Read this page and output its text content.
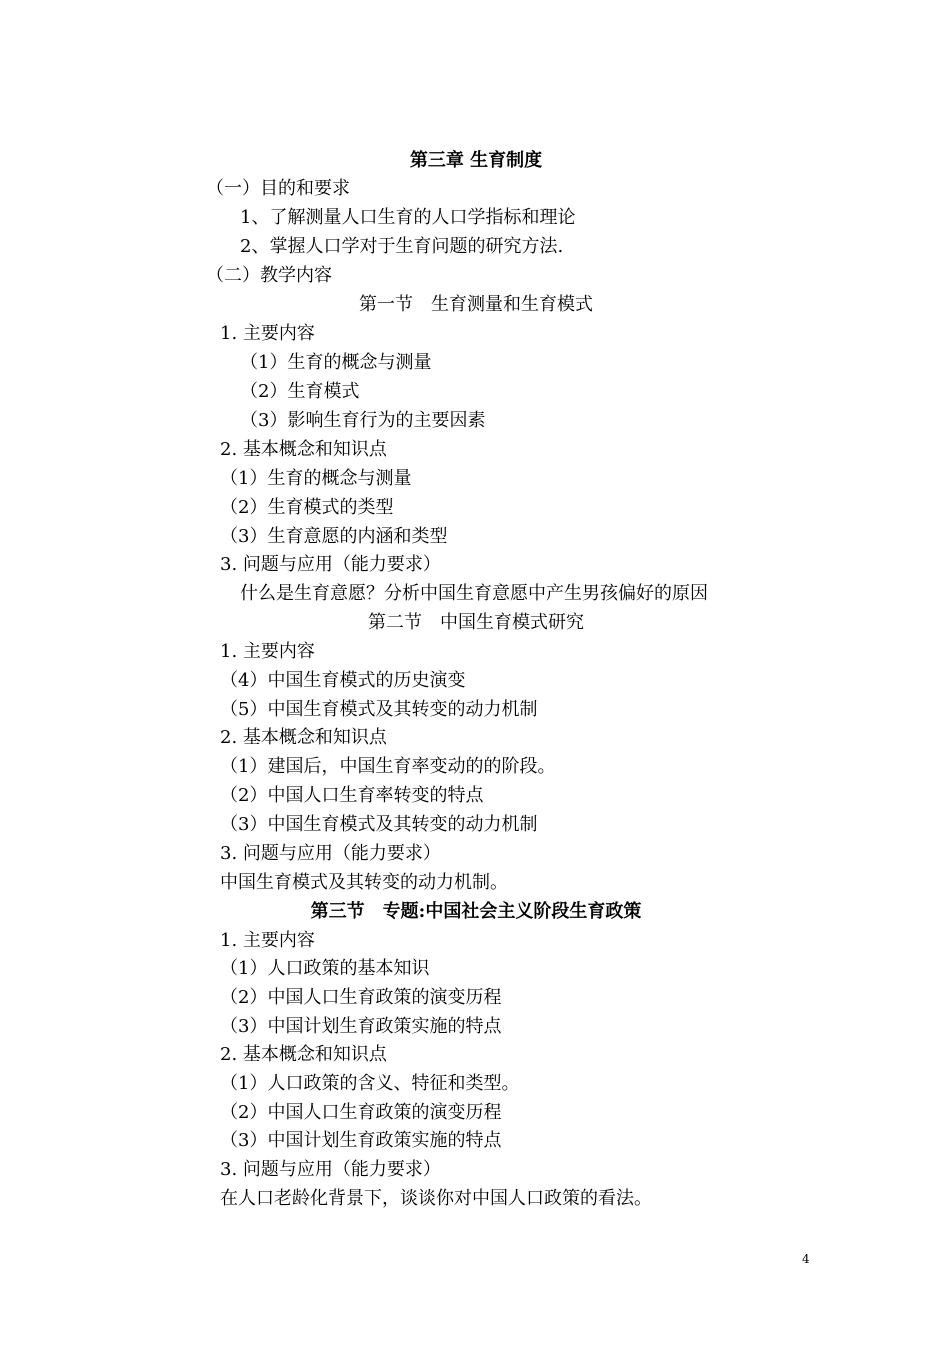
第三章 生育制度

（一）目的和要求

1、了解测量人口生育的人口学指标和理论

2、掌握人口学对于生育问题的研究方法.

（二）教学内容

第一节　生育测量和生育模式

1. 主要内容

（1）生育的概念与测量

（2）生育模式

（3）影响生育行为的主要因素

2. 基本概念和知识点

（1）生育的概念与测量

（2）生育模式的类型

（3）生育意愿的内涵和类型

3. 问题与应用（能力要求）

什么是生育意愿？分析中国生育意愿中产生男孩偏好的原因

第二节　中国生育模式研究

1. 主要内容

（4）中国生育模式的历史演变

（5）中国生育模式及其转变的动力机制

2. 基本概念和知识点

（1）建国后，中国生育率变动的的阶段。

（2）中国人口生育率转变的特点

（3）中国生育模式及其转变的动力机制

3. 问题与应用（能力要求）

中国生育模式及其转变的动力机制。

第三节　专题:中国社会主义阶段生育政策

1. 主要内容

（1）人口政策的基本知识

（2）中国人口生育政策的演变历程

（3）中国计划生育政策实施的特点

2. 基本概念和知识点

（1）人口政策的含义、特征和类型。

（2）中国人口生育政策的演变历程

（3）中国计划生育政策实施的特点

3. 问题与应用（能力要求）

在人口老龄化背景下，谈谈你对中国人口政策的看法。

4
